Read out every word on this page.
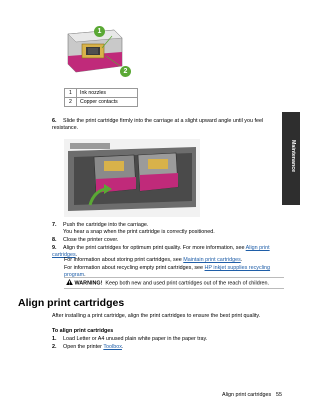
1
2
1	Ink nozzles
2	Copper contacts
6. Slide the print cartridge firmly into the carriage at a slight upward angle until you feel resistance.
7. Push the cartridge into the carriage.
You hear a snap when the print cartridge is correctly positioned.
8. Close the printer cover.
9. Align the print cartridges for optimum print quality. For more information, see Align print cartridges.
For information about storing print cartridges, see Maintain print cartridges.
For information about recycling empty print cartridges, see HP inkjet supplies recycling program.
WARNING! Keep both new and used print cartridges out of the reach of children.
Align print cartridges
After installing a print cartridge, align the print cartridges to ensure the best print quality.
To align print cartridges
1. Load Letter or A4 unused plain white paper in the paper tray.
2. Open the printer Toolbox.
Maintenance
Align print cartridges 55
